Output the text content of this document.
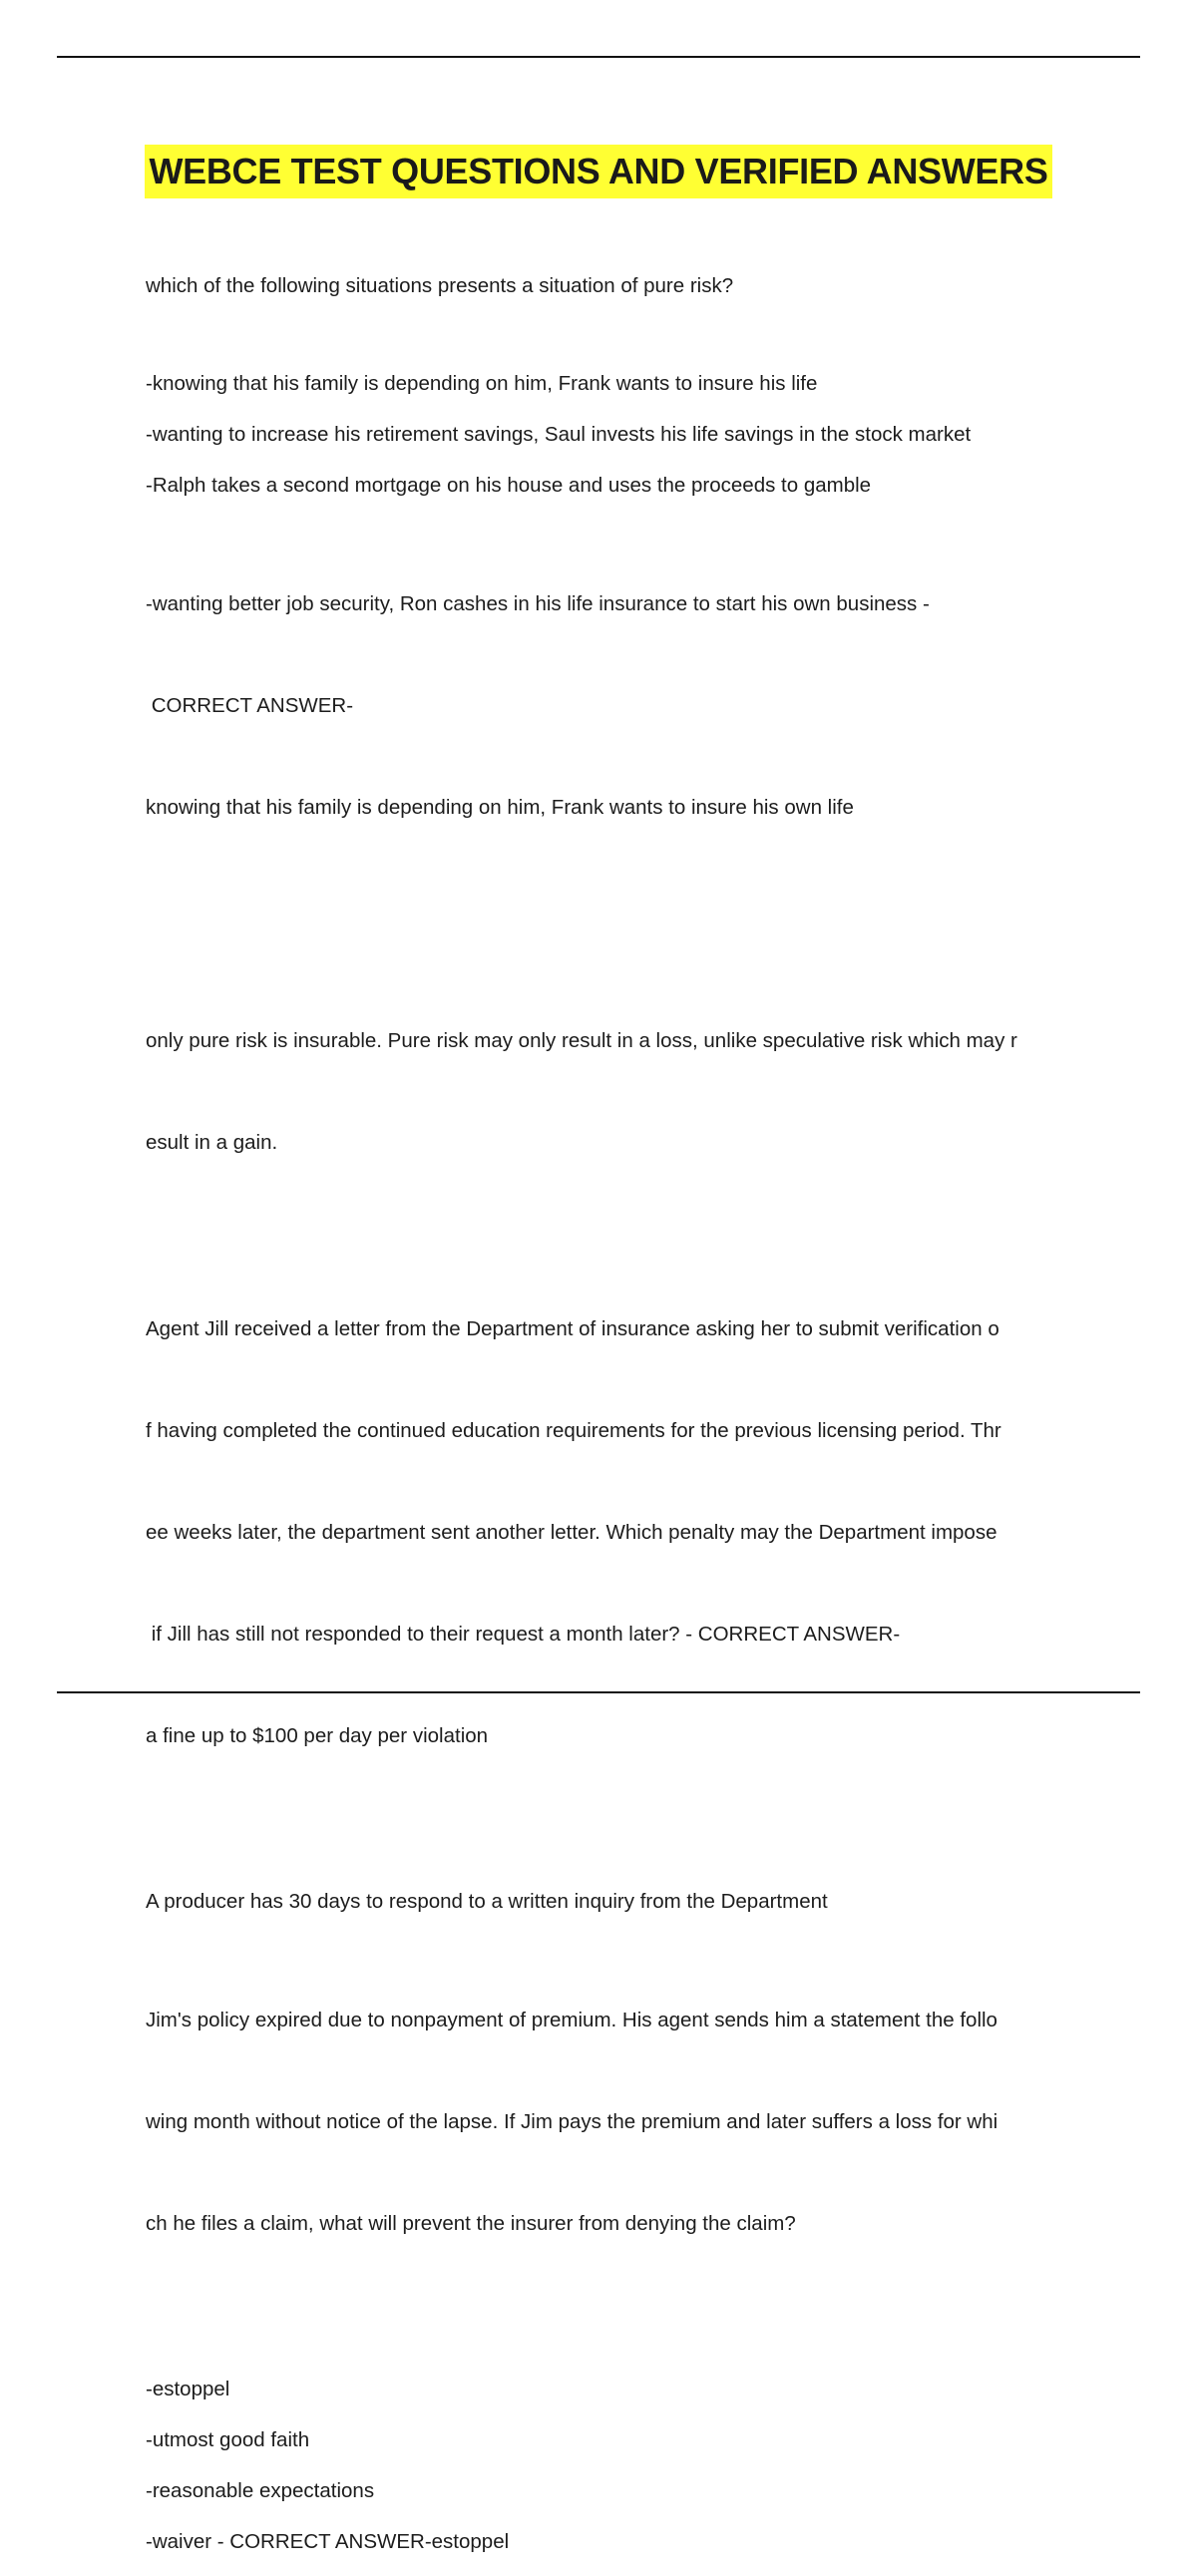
WEBCE TEST QUESTIONS AND VERIFIED ANSWERS

which of the following situations presents a situation of pure risk?

-knowing that his family is depending on him, Frank wants to insure his life

-wanting to increase his retirement savings, Saul invests his life savings in the stock market

-Ralph takes a second mortgage on his house and uses the proceeds to gamble

-wanting better job security, Ron cashes in his life insurance to start his own business -

CORRECT ANSWER-

knowing that his family is depending on him, Frank wants to insure his own life

only pure risk is insurable. Pure risk may only result in a loss, unlike speculative risk which may r

esult in a gain.

Agent Jill received a letter from the Department of insurance asking her to submit verification o

f having completed the continued education requirements for the previous licensing period. Thr

ee weeks later, the department sent another letter. Which penalty may the Department impose

if Jill has still not responded to their request a month later? - CORRECT ANSWER-

a fine up to $100 per day per violation

A producer has 30 days to respond to a written inquiry from the Department

Jim's policy expired due to nonpayment of premium. His agent sends him a statement the follo

wing month without notice of the lapse. If Jim pays the premium and later suffers a loss for whi

ch he files a claim, what will prevent the insurer from denying the claim?

-estoppel

-utmost good faith

-reasonable expectations

-waiver - CORRECT ANSWER-estoppel
